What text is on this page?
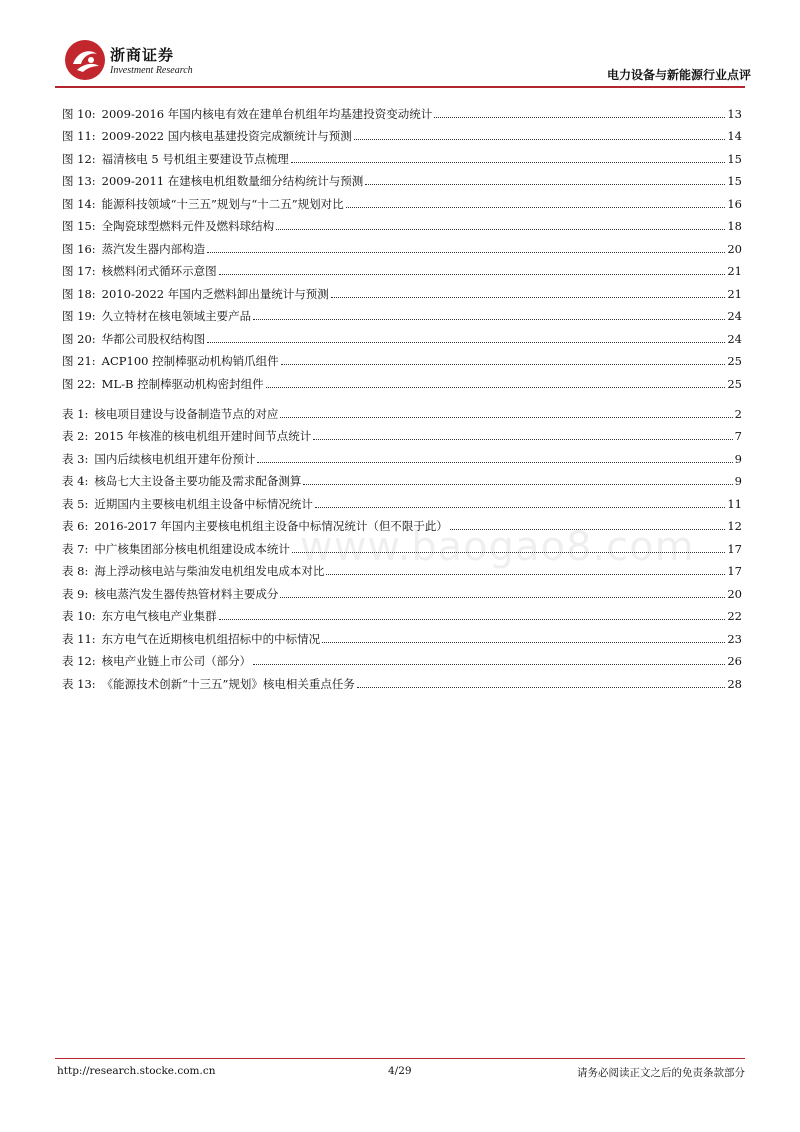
浙商证券
Investment Research	电力设备与新能源行业点评
图 10: 2009-2016 年国内核电有效在建单台机组年均基建投资变动统计	13
图 11: 2009-2022 国内核电基建投资完成额统计与预测	14
图 12: 福清核电 5 号机组主要建设节点梳理	15
图 13: 2009-2011 在建核电机组数量细分结构统计与预测	15
图 14: 能源科技领域“十三五”规划与“十二五”规划对比	16
图 15: 全陶瓷球型燃料元件及燃料球结构	18
图 16: 蒸汽发生器内部构造	20
图 17: 核燃料闭式循环示意图	21
图 18: 2010-2022 年国内乏燃料卸出量统计与预测	21
图 19: 久立特材在核电领域主要产品	24
图 20: 华都公司股权结构图	24
图 21: ACP100 控制棒驱动机构销爪组件	25
图 22: ML-B 控制棒驱动机构密封组件	25
表 1: 核电项目建设与设备制造节点的对应	2
表 2: 2015 年核准的核电机组开建时间节点统计	7
表 3: 国内后续核电机组开建年份预计	9
表 4: 核岛七大主设备主要功能及需求配备测算	9
表 5: 近期国内主要核电机组主设备中标情况统计	11
表 6: 2016-2017 年国内主要核电机组主设备中标情况统计（但不限于此）	12
表 7: 中广核集团部分核电机组建设成本统计	17
表 8: 海上浮动核电站与柴油发电机组发电成本对比	17
表 9: 核电蒸汽发生器传热管材料主要成分	20
表 10: 东方电气核电产业集群	22
表 11: 东方电气在近期核电机组招标中的中标情况	23
表 12: 核电产业链上市公司（部分）	26
表 13: 《能源技术创新“十三五”规划》核电相关重点任务	28
www.baogao8.com
http://research.stocke.com.cn	4/29	请务必阅读正文之后的免责条款部分
